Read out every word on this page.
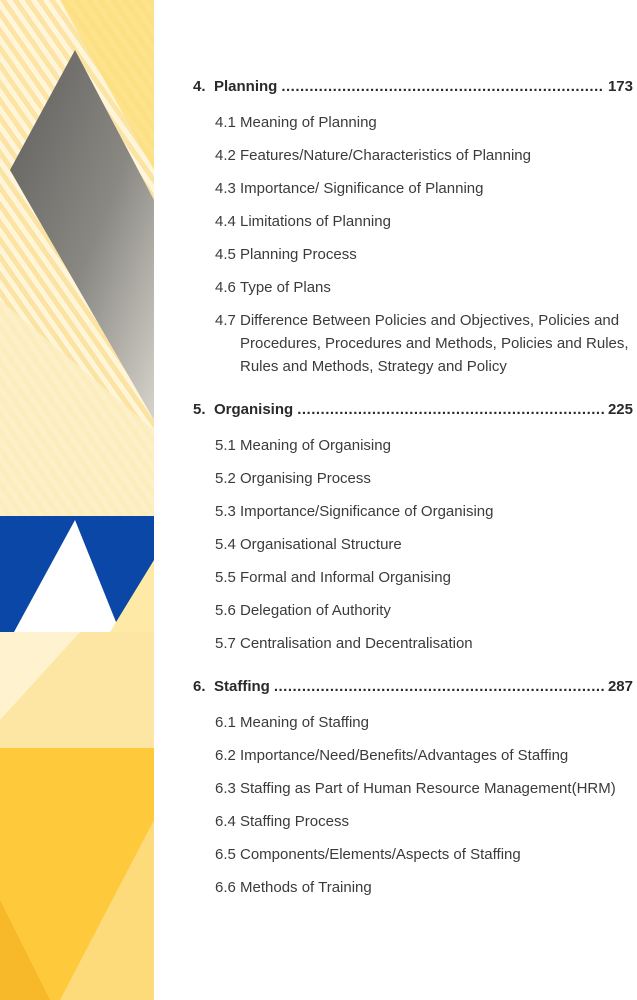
4. Planning .....	173
4.1 Meaning of Planning
4.2 Features/Nature/Characteristics of Planning
4.3 Importance/ Significance of Planning
4.4 Limitations of Planning
4.5 Planning Process
4.6 Type of Plans
4.7 Difference Between Policies and Objectives, Policies and Procedures, Procedures and Methods, Policies and Rules, Rules and Methods, Strategy and Policy
5. Organising .....	225
5.1 Meaning of Organising
5.2 Organising Process
5.3 Importance/Significance of Organising
5.4 Organisational Structure
5.5 Formal and Informal Organising
5.6 Delegation of Authority
5.7 Centralisation and Decentralisation
6. Staffing .....	287
6.1 Meaning of Staffing
6.2 Importance/Need/Benefits/Advantages of Staffing
6.3 Staffing as Part of Human Resource Management(HRM)
6.4 Staffing Process
6.5 Components/Elements/Aspects of Staffing
6.6 Methods of Training
